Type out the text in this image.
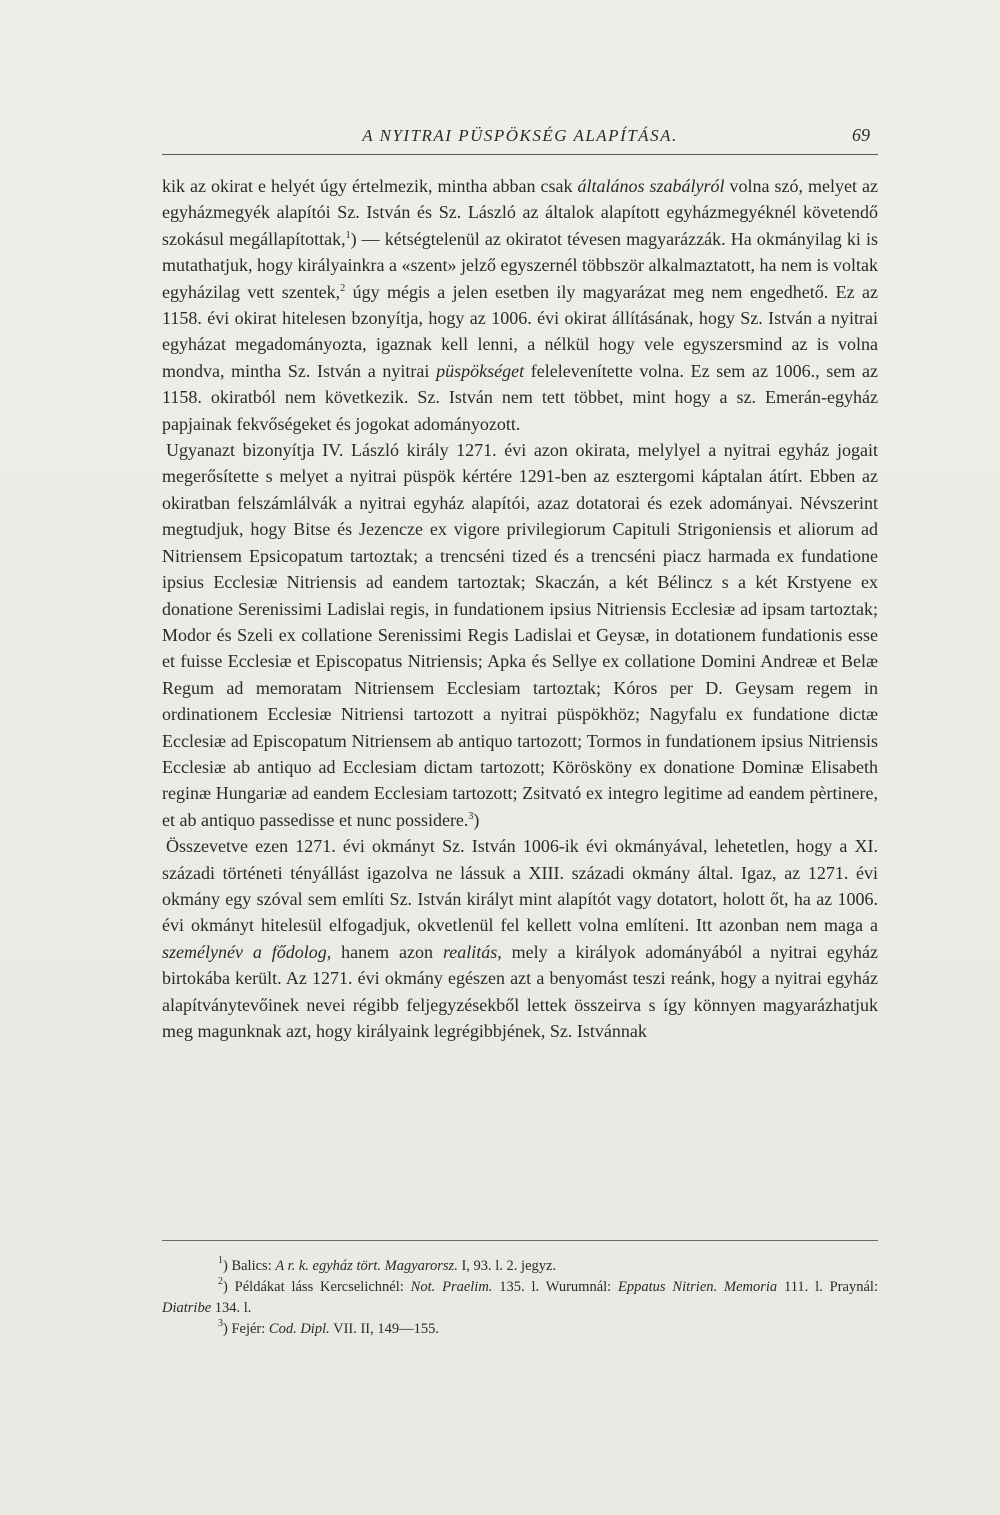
A NYITRAI PÜSPÖKSÉG ALAPÍTÁSA.	69

kik az okirat e helyét úgy értelmezik, mintha abban csak általános szabályról volna szó, melyet az egyházmegyék alapítói Sz. István és Sz. László az általok alapított egyházmegyéknél követendő szokásul megállapítottak,$^1$) — kétségtelenül az okiratot tévesen magyarázzák. Ha okmányilag ki is mutathatjuk, hogy királyainkra a «szent» jelző egyszernél többször alkalmaztatott, ha nem is voltak egyházilag vett szentek,$^2$ úgy mégis a jelen esetben ily magyarázat meg nem engedhető. Ez az 1158. évi okirat hitelesen bzonyítja, hogy az 1006. évi okirat állításának, hogy Sz. István a nyitrai egyházat megadományozta, igaznak kell lenni, a nélkül hogy vele egyszersmind az is volna mondva, mintha Sz. István a nyitrai püspökséget felelevenítette volna. Ez sem az 1006., sem az 1158. okiratból nem következik. Sz. István nem tett többet, mint hogy a sz. Emerán-egyház papjainak fekvőségeket és jogokat adományozott.

Ugyanazt bizonyítja IV. László király 1271. évi azon okirata, melylyel a nyitrai egyház jogait megerősítette s melyet a nyitrai püspök kértére 1291-ben az esztergomi káptalan átírt. Ebben az okiratban felszámlálvák a nyitrai egyház alapítói, azaz dotatorai és ezek adományai. Névszerint megtudjuk, hogy Bitse és Jezencze ex vigore privilegiorum Capituli Strigoniensis et aliorum ad Nitriensem Epsicopatum tartoztak; a trencséni tized és a trencséni piacz harmada ex fundatione ipsius Ecclesiæ Nitriensis ad eandem tartoztak; Skaczán, a két Bélincz s a két Krstyene ex donatione Serenissimi Ladislai regis, in fundationem ipsius Nitriensis Ecclesiæ ad ipsam tartoztak; Modor és Szeli ex collatione Serenissimi Regis Ladislai et Geysæ, in dotationem fundationis esse et fuisse Ecclesiæ et Episcopatus Nitriensis; Apka és Sellye ex collatione Domini Andreæ et Belæ Regum ad memoratam Nitriensem Ecclesiam tartoztak; Kóros per D. Geysam regem in ordinationem Ecclesiæ Nitriensi tartozott a nyitrai püspökhöz; Nagyfalu ex fundatione dictæ Ecclesiæ ad Episcopatum Nitriensem ab antiquo tartozott; Tormos in fundationem ipsius Nitriensis Ecclesiæ ab antiquo ad Ecclesiam dictam tartozott; Körösköny ex donatione Dominæ Elisabeth reginæ Hungariæ ad eandem Ecclesiam tartozott; Zsitvató ex integro legitime ad eandem pèrtinere, et ab antiquo passedisse et nunc possidere.$^3$)

Összevetve ezen 1271. évi okmányt Sz. István 1006-ik évi okmányával, lehetetlen, hogy a XI. századi történeti tényállást igazolva ne lássuk a XIII. századi okmány által. Igaz, az 1271. évi okmány egy szóval sem említi Sz. István királyt mint alapítót vagy dotatort, holott őt, ha az 1006. évi okmányt hitelesül elfogadjuk, okvetlenül fel kellett volna említeni. Itt azonban nem maga a személynév a fődolog, hanem azon realitás, mely a királyok adományából a nyitrai egyház birtokába került. Az 1271. évi okmány egészen azt a benyomást teszi reánk, hogy a nyitrai egyház alapítványtevőinek nevei régibb feljegyzésekből lettek összeirva s így könnyen magyarázhatjuk meg magunknak azt, hogy királyaink legrégibbjének, Sz. Istvánnak

$^1$) Balics: A r. k. egyház tört. Magyarorsz. I, 93. l. 2. jegyz.

$^2$) Példákat láss Kercselichnél: Not. Praelim. 135. l. Wurumnál: Eppatus Nitrien. Memoria 111. l. Praynál: Diatribe 134. l.

$^3$) Fejér: Cod. Dipl. VII. II, 149—155.
